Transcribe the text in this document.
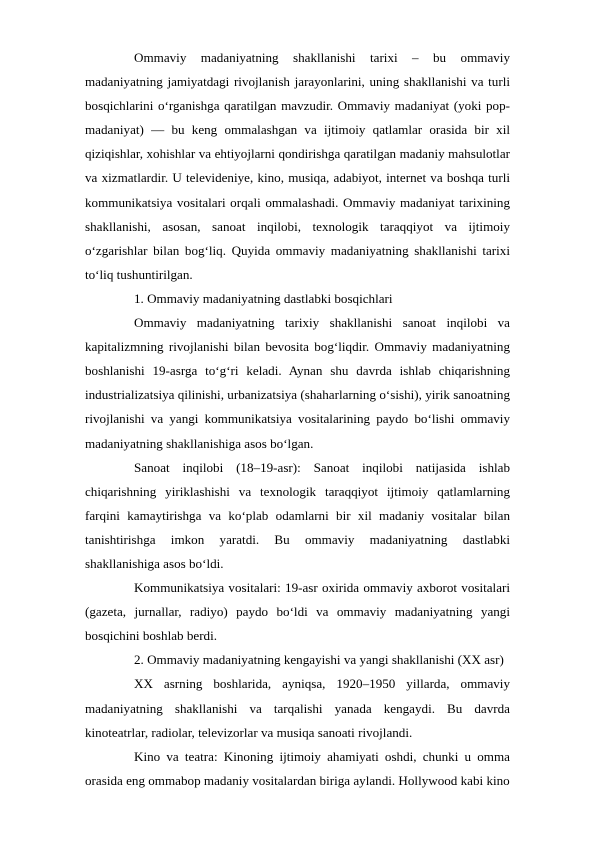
Ommaviy madaniyatning shakllanishi tarixi – bu ommaviy madaniyatning jamiyatdagi rivojlanish jarayonlarini, uning shakllanishi va turli bosqichlarini o‘rganishga qaratilgan mavzudir. Ommaviy madaniyat (yoki pop-madaniyat) — bu keng ommalashgan va ijtimoiy qatlamlar orasida bir xil qiziqishlar, xohishlar va ehtiyojlarni qondirishga qaratilgan madaniy mahsulotlar va xizmatlardir. U televideniye, kino, musiqa, adabiyot, internet va boshqa turli kommunikatsiya vositalari orqali ommalashadi. Ommaviy madaniyat tarixining shakllanishi, asosan, sanoat inqilobi, texnologik taraqqiyot va ijtimoiy o‘zgarishlar bilan bog‘liq. Quyida ommaviy madaniyatning shakllanishi tarixi to‘liq tushuntirilgan.

1. Ommaviy madaniyatning dastlabki bosqichlari

Ommaviy madaniyatning tarixiy shakllanishi sanoat inqilobi va kapitalizmning rivojlanishi bilan bevosita bog‘liqdir. Ommaviy madaniyatning boshlanishi 19-asrga to‘g‘ri keladi. Aynan shu davrda ishlab chiqarishning industrializatsiya qilinishi, urbanizatsiya (shaharlarning o‘sishi), yirik sanoatning rivojlanishi va yangi kommunikatsiya vositalarining paydo bo‘lishi ommaviy madaniyatning shakllanishiga asos bo‘lgan.

Sanoat inqilobi (18–19-asr): Sanoat inqilobi natijasida ishlab chiqarishning yiriklashishi va texnologik taraqqiyot ijtimoiy qatlamlarning farqini kamaytirishga va ko‘plab odamlarni bir xil madaniy vositalar bilan tanishtirishga imkon yaratdi. Bu ommaviy madaniyatning dastlabki shakllanishiga asos bo‘ldi.

Kommunikatsiya vositalari: 19-asr oxirida ommaviy axborot vositalari (gazeta, jurnallar, radiyo) paydo bo‘ldi va ommaviy madaniyatning yangi bosqichini boshlab berdi.

2. Ommaviy madaniyatning kengayishi va yangi shakllanishi (XX asr)

XX asrning boshlarida, ayniqsa, 1920–1950 yillarda, ommaviy madaniyatning shakllanishi va tarqalishi yanada kengaydi. Bu davrda kinoteatrlar, radiolar, televizorlar va musiqa sanoati rivojlandi.

Kino va teatra: Kinoning ijtimoiy ahamiyati oshdi, chunki u omma orasida eng ommabop madaniy vositalardan biriga aylandi. Hollywood kabi kino
